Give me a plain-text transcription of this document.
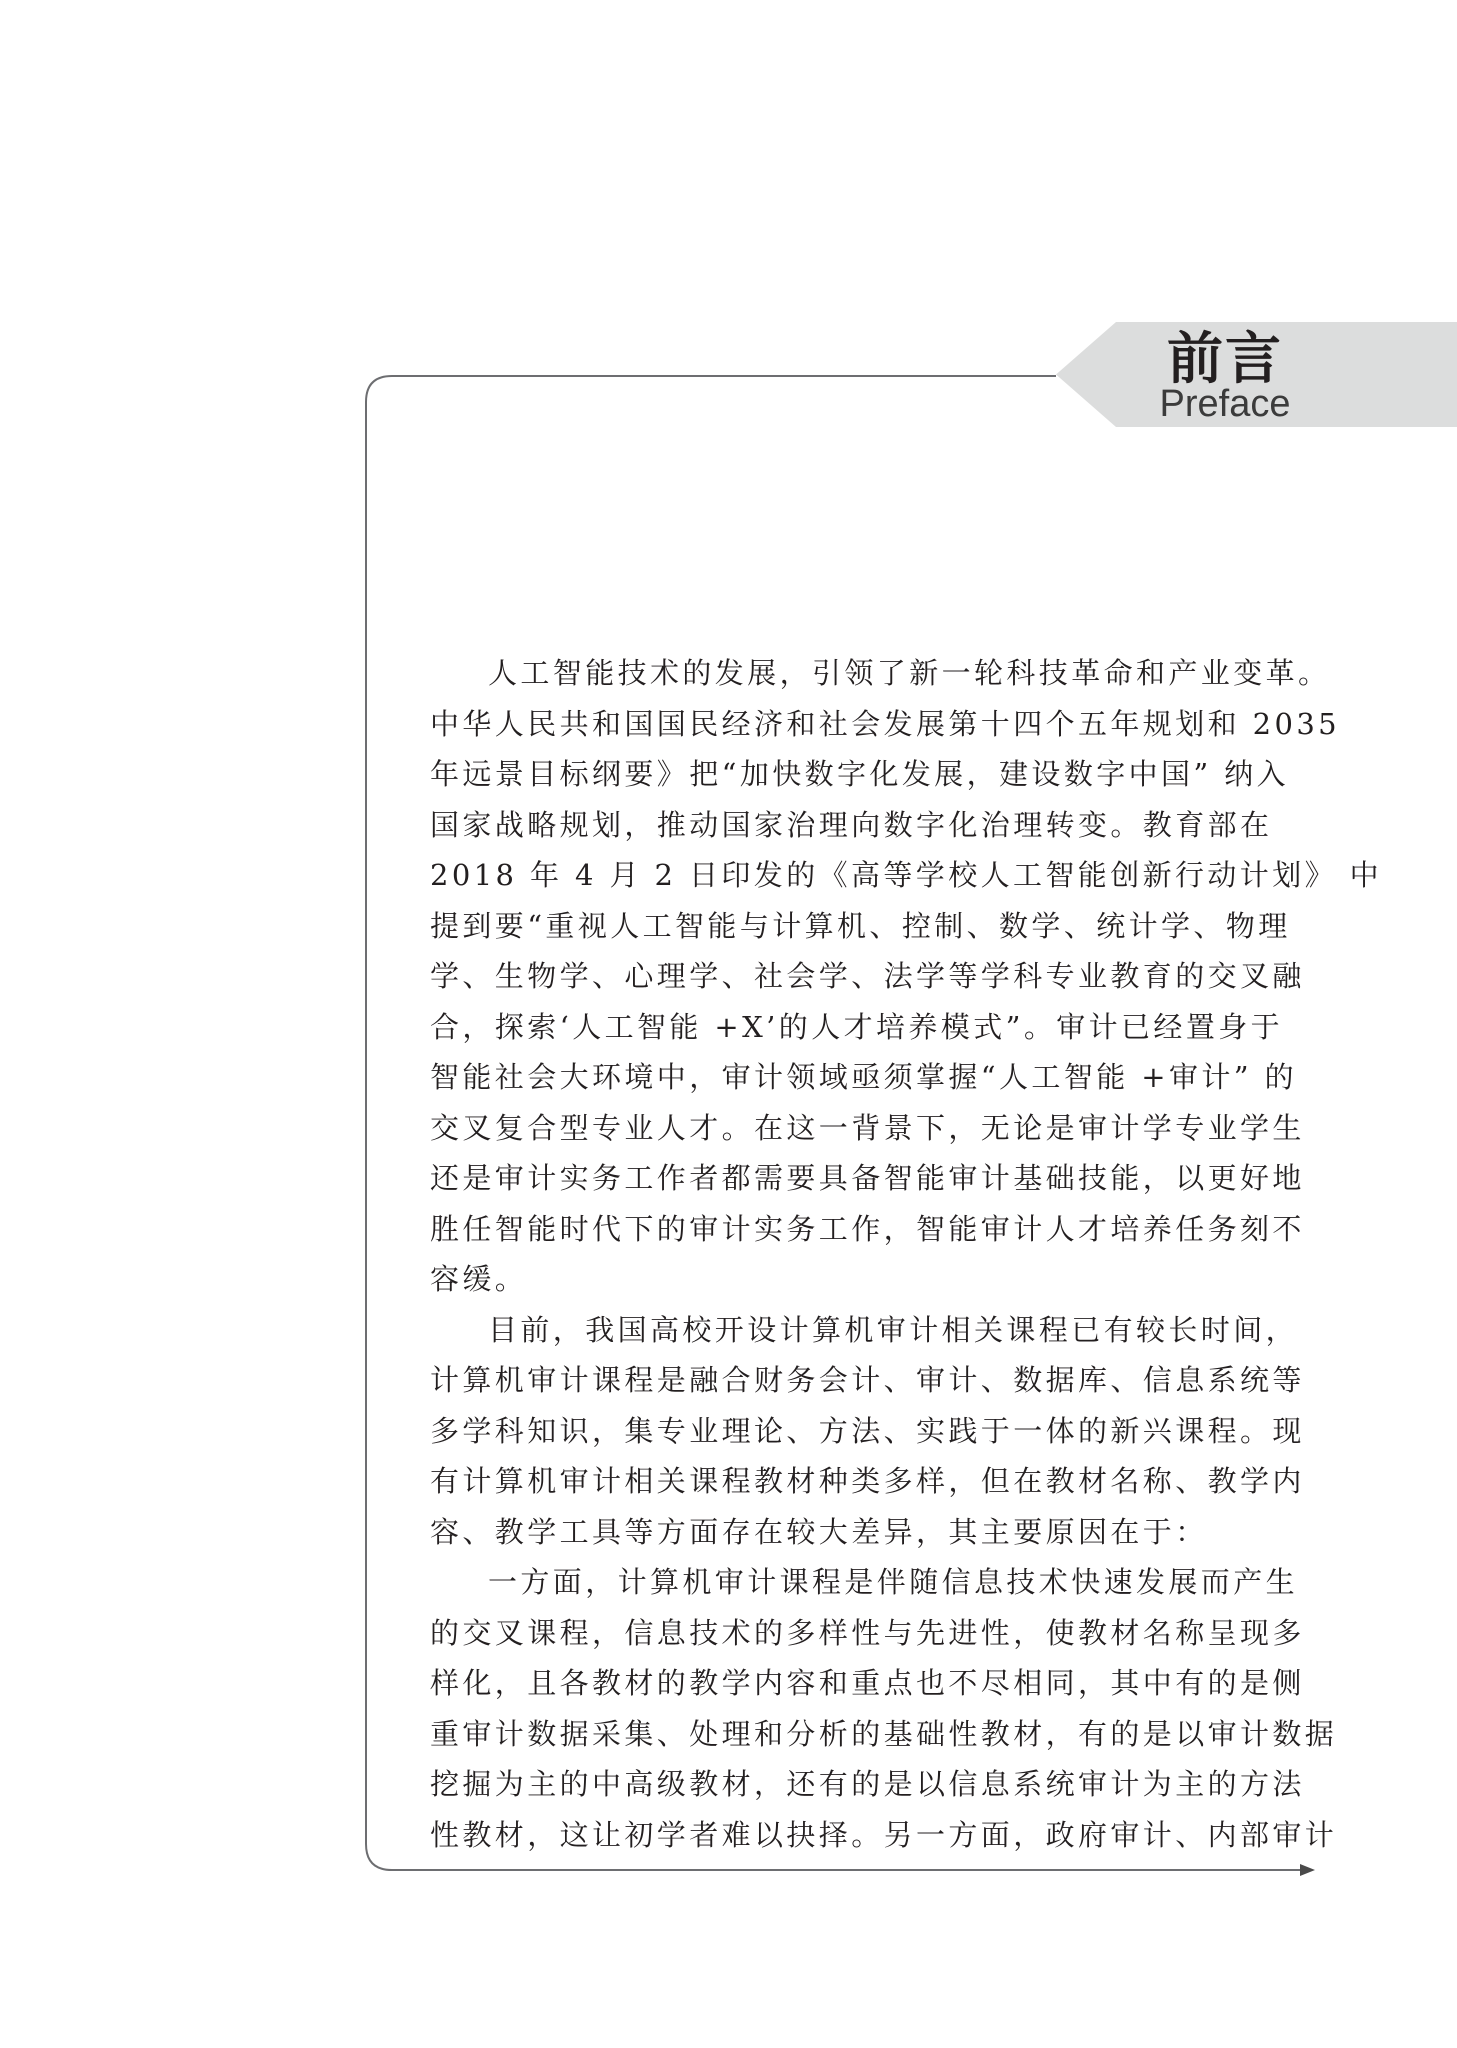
前言
Preface
人工智能技术的发展，引领了新一轮科技革命和产业变革。
中华人民共和国国民经济和社会发展第十四个五年规划和 2035
年远景目标纲要》把“加快数字化发展，建设数字中国” 纳入
国家战略规划，推动国家治理向数字化治理转变。教育部在
2018 年 4 月 2 日印发的《高等学校人工智能创新行动计划》 中
提到要“重视人工智能与计算机、控制、数学、统计学、物理
学、生物学、心理学、社会学、法学等学科专业教育的交叉融
合，探索‘人工智能 +X’的人才培养模式”。审计已经置身于
智能社会大环境中，审计领域亟须掌握“人工智能 +审计” 的
交叉复合型专业人才。在这一背景下，无论是审计学专业学生
还是审计实务工作者都需要具备智能审计基础技能，以更好地
胜任智能时代下的审计实务工作，智能审计人才培养任务刻不
容缓。
目前，我国高校开设计算机审计相关课程已有较长时间，
计算机审计课程是融合财务会计、审计、数据库、信息系统等
多学科知识，集专业理论、方法、实践于一体的新兴课程。现
有计算机审计相关课程教材种类多样，但在教材名称、教学内
容、教学工具等方面存在较大差异，其主要原因在于：
一方面，计算机审计课程是伴随信息技术快速发展而产生
的交叉课程，信息技术的多样性与先进性，使教材名称呈现多
样化，且各教材的教学内容和重点也不尽相同，其中有的是侧
重审计数据采集、处理和分析的基础性教材，有的是以审计数据
挖掘为主的中高级教材，还有的是以信息系统审计为主的方法
性教材，这让初学者难以抉择。另一方面，政府审计、内部审计
